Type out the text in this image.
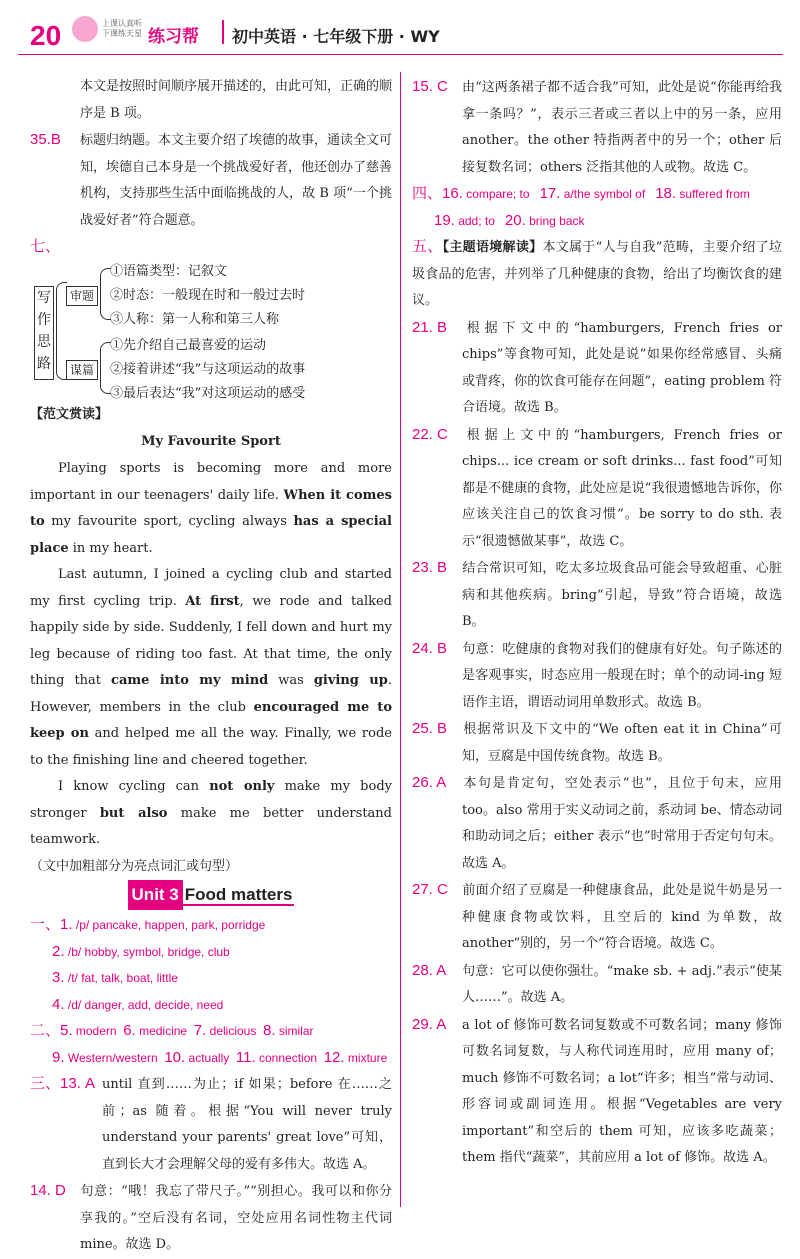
20	上课认真听
下课练天星 练习帮 初中英语 · 七年级下册 · WY
本文是按照时间顺序展开描述的，由此可知，正确的顺序是 B 项。
35.B 标题归纳题。本文主要介绍了埃德的故事，通读全文可知，埃德自己本身是一个挑战爱好者，他还创办了慈善机构，支持那些生活中面临挑战的人，故 B 项“一个挑战爱好者”符合题意。
七、
写作思路
审题
①语篇类型：记叙文
②时态：一般现在时和一般过去时
③人称：第一人称和第三人称
谋篇
①先介绍自己最喜爱的运动
②接着讲述“我”与这项运动的故事
③最后表达“我”对这项运动的感受
【范文赏读】
My Favourite Sport

Playing sports is becoming more and more important in our teenagers' daily life. When it comes to my favourite sport, cycling always has a special place in my heart.

Last autumn, I joined a cycling club and started my first cycling trip. At first, we rode and talked happily side by side. Suddenly, I fell down and hurt my leg because of riding too fast. At that time, the only thing that came into my mind was giving up. However, members in the club encouraged me to keep on and helped me all the way. Finally, we rode to the finishing line and cheered together.

I know cycling can not only make my body stronger but also make me better understand teamwork.

（文中加粗部分为亮点词汇或句型）
Unit 3 Food matters
一、1. /p/ pancake, happen, park, porridge
2. /b/ hobby, symbol, bridge, club
3. /t/ fat, talk, boat, little
4. /d/ danger, add, decide, need
二、5. modern 6. medicine 7. delicious 8. similar
9. Western/western 10. actually 11. connection 12. mixture
三、13. A until 直到……为止；if 如果；before 在……之前；as 随着。根据“You will never truly understand your parents' great love”可知，直到长大才会理解父母的爱有多伟大。故选 A。
14. D 句意：“哦！我忘了带尺子。”“别担心。我可以和你分享我的。”空后没有名词，空处应用名词性物主代词 mine。故选 D。
15. C 由“这两条裙子都不适合我”可知，此处是说“你能再给我拿一条吗？”，表示三者或三者以上中的另一条，应用 another。the other 特指两者中的另一个；other 后接复数名词；others 泛指其他的人或物。故选 C。
四、16. compare; to 17. a/the symbol of 18. suffered from
19. add; to 20. bring back
五、【主题语境解读】本文属于“人与自我”范畴，主要介绍了垃圾食品的危害，并列举了几种健康的食物，给出了均衡饮食的建议。
21. B 根据下文中的“hamburgers, French fries or chips”等食物可知，此处是说“如果你经常感冒、头痛或背疼，你的饮食可能存在问题”，eating problem 符合语境。故选 B。
22. C 根据上文中的“hamburgers, French fries or chips... ice cream or soft drinks... fast food”可知都是不健康的食物，此处应是说“我很遗憾地告诉你，你应该关注自己的饮食习惯”。be sorry to do sth. 表示“很遗憾做某事”，故选 C。
23. B 结合常识可知，吃太多垃圾食品可能会导致超重、心脏病和其他疾病。bring“引起，导致”符合语境，故选 B。
24. B 句意：吃健康的食物对我们的健康有好处。句子陈述的是客观事实，时态应用一般现在时；单个的动词-ing 短语作主语，谓语动词用单数形式。故选 B。
25. B 根据常识及下文中的“We often eat it in China”可知，豆腐是中国传统食物。故选 B。
26. A 本句是肯定句，空处表示“也”，且位于句末，应用 too。also 常用于实义动词之前，系动词 be、情态动词和助动词之后；either 表示“也”时常用于否定句句末。故选 A。
27. C 前面介绍了豆腐是一种健康食品，此处是说牛奶是另一种健康食物或饮料，且空后的 kind 为单数，故 another“别的，另一个”符合语境。故选 C。
28. A 句意：它可以使你强壮。“make sb. + adj.”表示“使某人……”。故选 A。
29. A a lot of 修饰可数名词复数或不可数名词；many 修饰可数名词复数，与人称代词连用时，应用 many of；much 修饰不可数名词；a lot“许多；相当”常与动词、形容词或副词连用。根据“Vegetables are very important”和空后的 them 可知，应该多吃蔬菜；them 指代“蔬菜”，其前应用 a lot of 修饰。故选 A。
